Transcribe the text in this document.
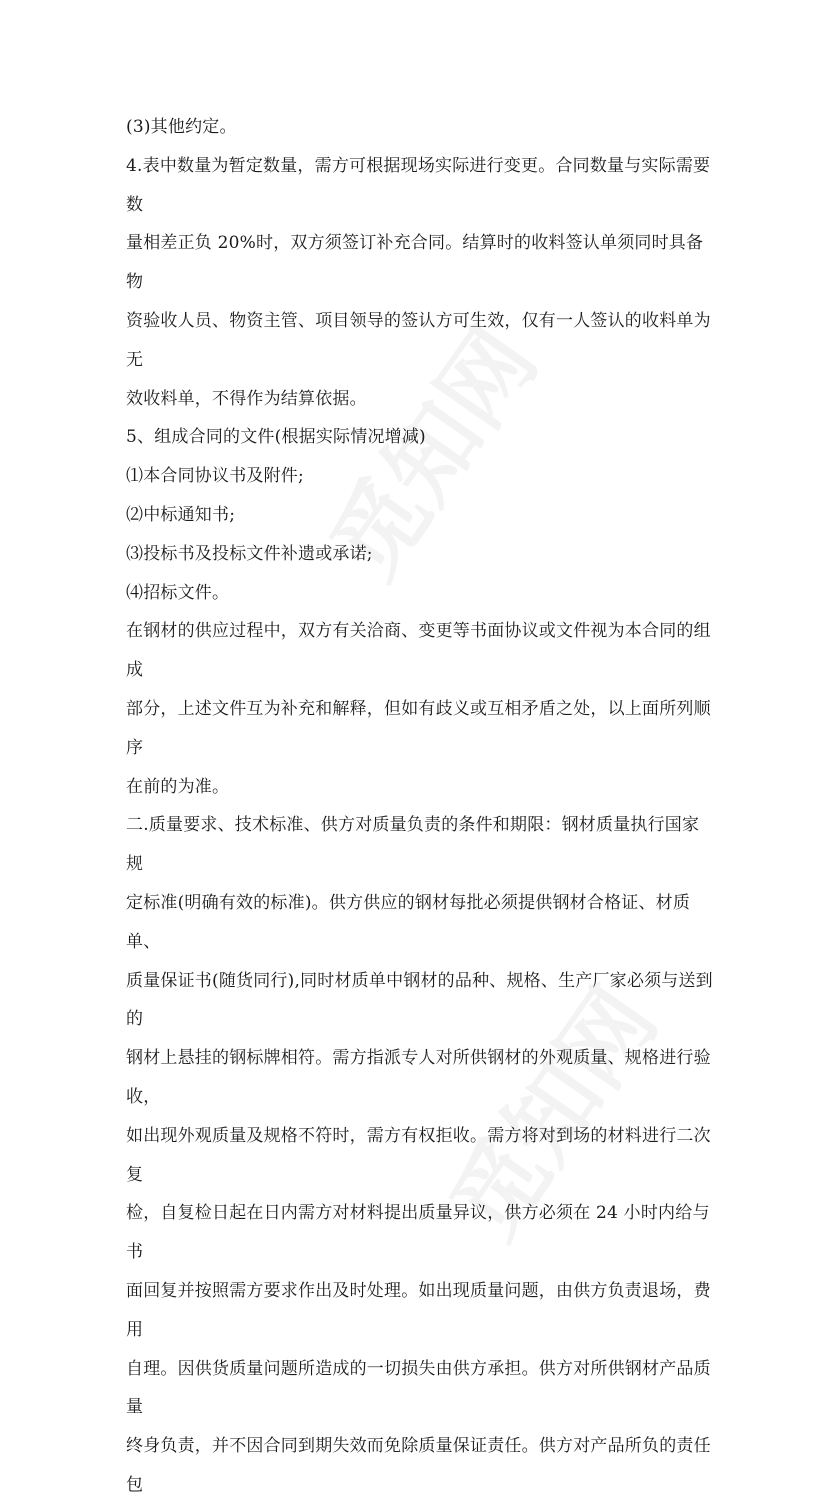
(3)其他约定。

4.表中数量为暂定数量，需方可根据现场实际进行变更。合同数量与实际需要数
量相差正负 20%时，双方须签订补充合同。结算时的收料签认单须同时具备物
资验收人员、物资主管、项目领导的签认方可生效，仅有一人签认的收料单为无
效收料单，不得作为结算依据。

5、组成合同的文件(根据实际情况增减)

⑴本合同协议书及附件;

⑵中标通知书;

⑶投标书及投标文件补遗或承诺;

⑷招标文件。

在钢材的供应过程中，双方有关洽商、变更等书面协议或文件视为本合同的组成
部分，上述文件互为补充和解释，但如有歧义或互相矛盾之处，以上面所列顺序
在前的为准。

二.质量要求、技术标准、供方对质量负责的条件和期限：钢材质量执行国家规
定标准(明确有效的标准)。供方供应的钢材每批必须提供钢材合格证、材质单、
质量保证书(随货同行),同时材质单中钢材的品种、规格、生产厂家必须与送到的
钢材上悬挂的钢标牌相符。需方指派专人对所供钢材的外观质量、规格进行验收，
如出现外观质量及规格不符时，需方有权拒收。需方将对到场的材料进行二次复
检，自复检日起在日内需方对材料提出质量异议，供方必须在 24 小时内给与书
面回复并按照需方要求作出及时处理。如出现质量问题，由供方负责退场，费用
自理。因供货质量问题所造成的一切损失由供方承担。供方对所供钢材产品质量
终身负责，并不因合同到期失效而免除质量保证责任。供方对产品所负的责任包
